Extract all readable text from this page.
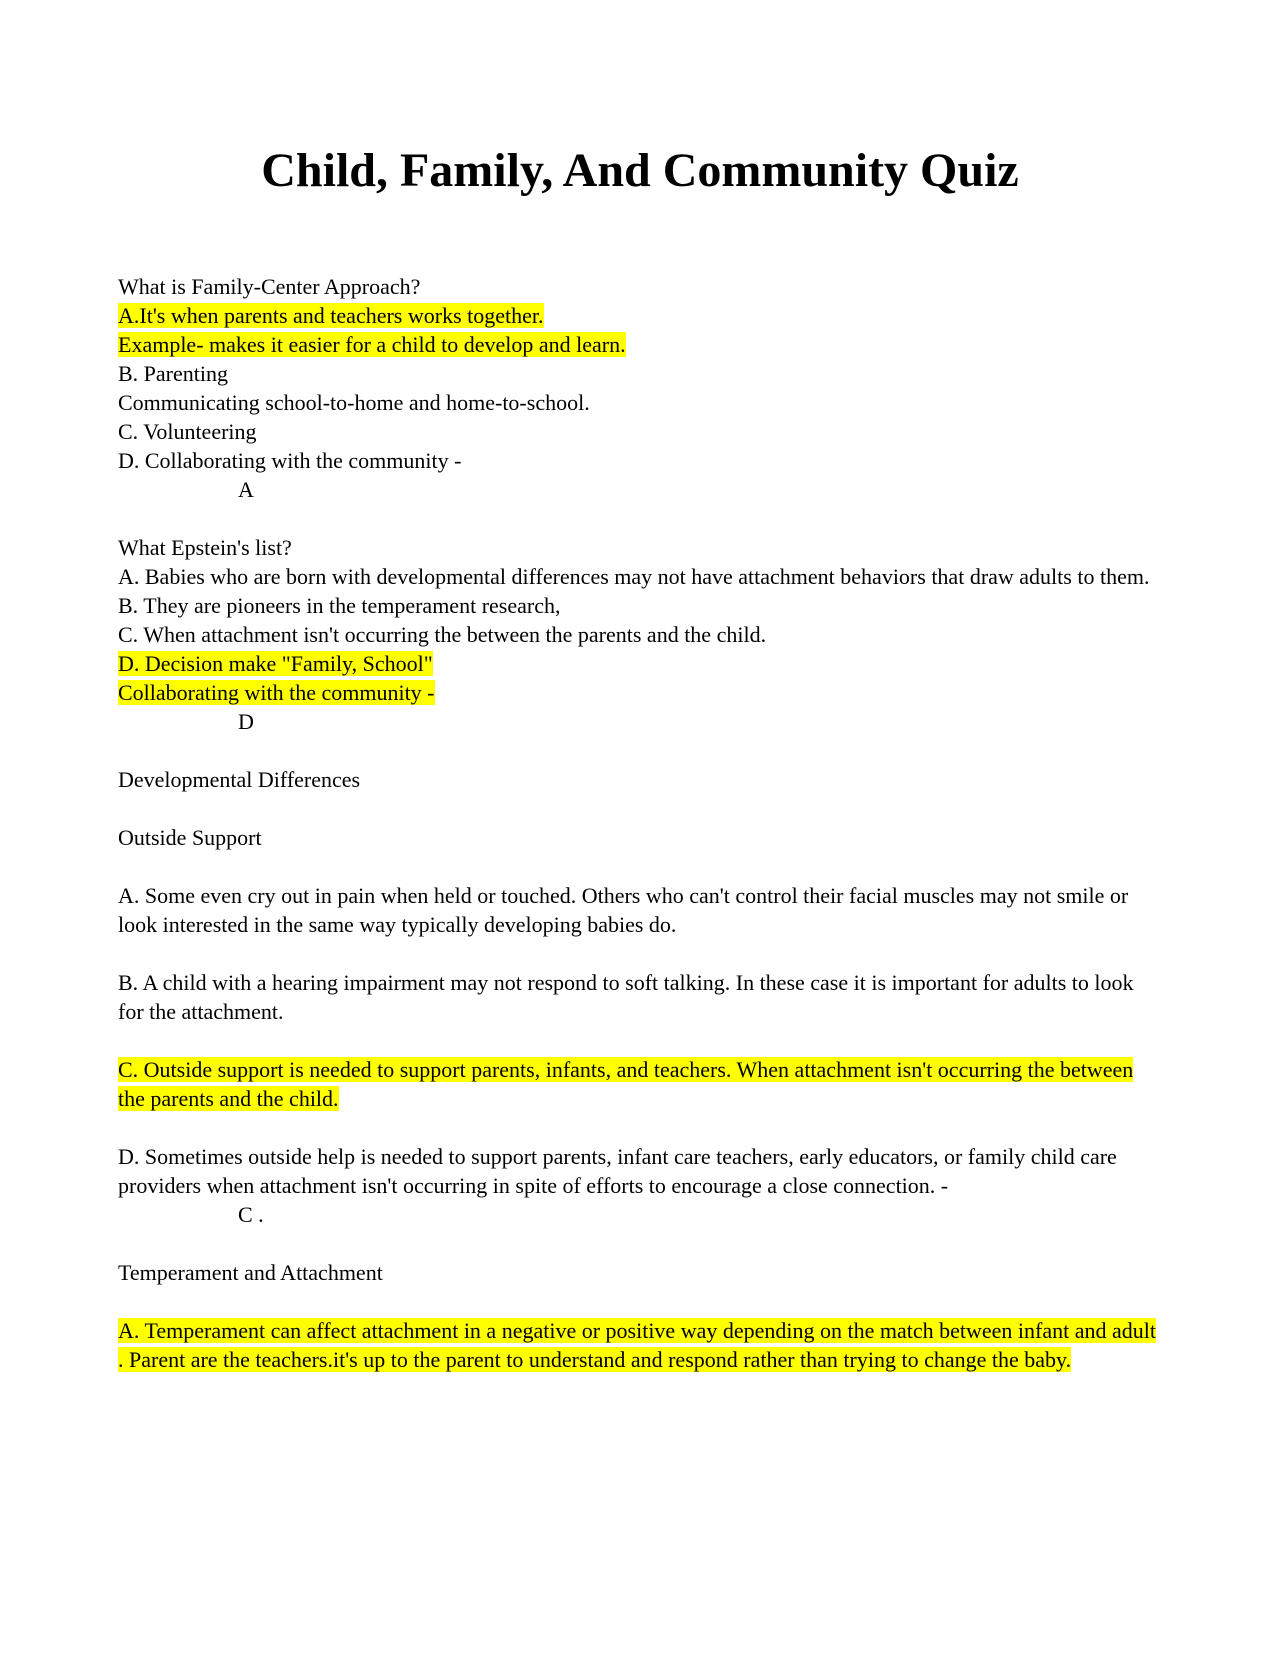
Child, Family, And Community Quiz
What is Family-Center Approach?
A.It's when parents and teachers works together.
Example- makes it easier for a child to develop and learn.
B. Parenting
Communicating school-to-home and home-to-school.
C. Volunteering
D. Collaborating with the community -
A
What Epstein's list?
A. Babies who are born with developmental differences may not have attachment behaviors that draw adults to them.
B. They are pioneers in the temperament research,
C. When attachment isn't occurring the between the parents and the child.
D. Decision make "Family, School"
Collaborating with the community -
D
Developmental Differences
Outside Support
A. Some even cry out in pain when held or touched. Others who can't control their facial muscles may not smile or look interested in the same way typically developing babies do.
B. A child with a hearing impairment may not respond to soft talking. In these case it is important for adults to look for the attachment.
C. Outside support is needed to support parents, infants, and teachers. When attachment isn't occurring the between the parents and the child.
D. Sometimes outside help is needed to support parents, infant care teachers, early educators, or family child care providers when attachment isn't occurring in spite of efforts to encourage a close connection. -
C .
Temperament and Attachment
A. Temperament can affect attachment in a negative or positive way depending on the match between infant and adult . Parent are the teachers.it's up to the parent to understand and respond rather than trying to change the baby.
